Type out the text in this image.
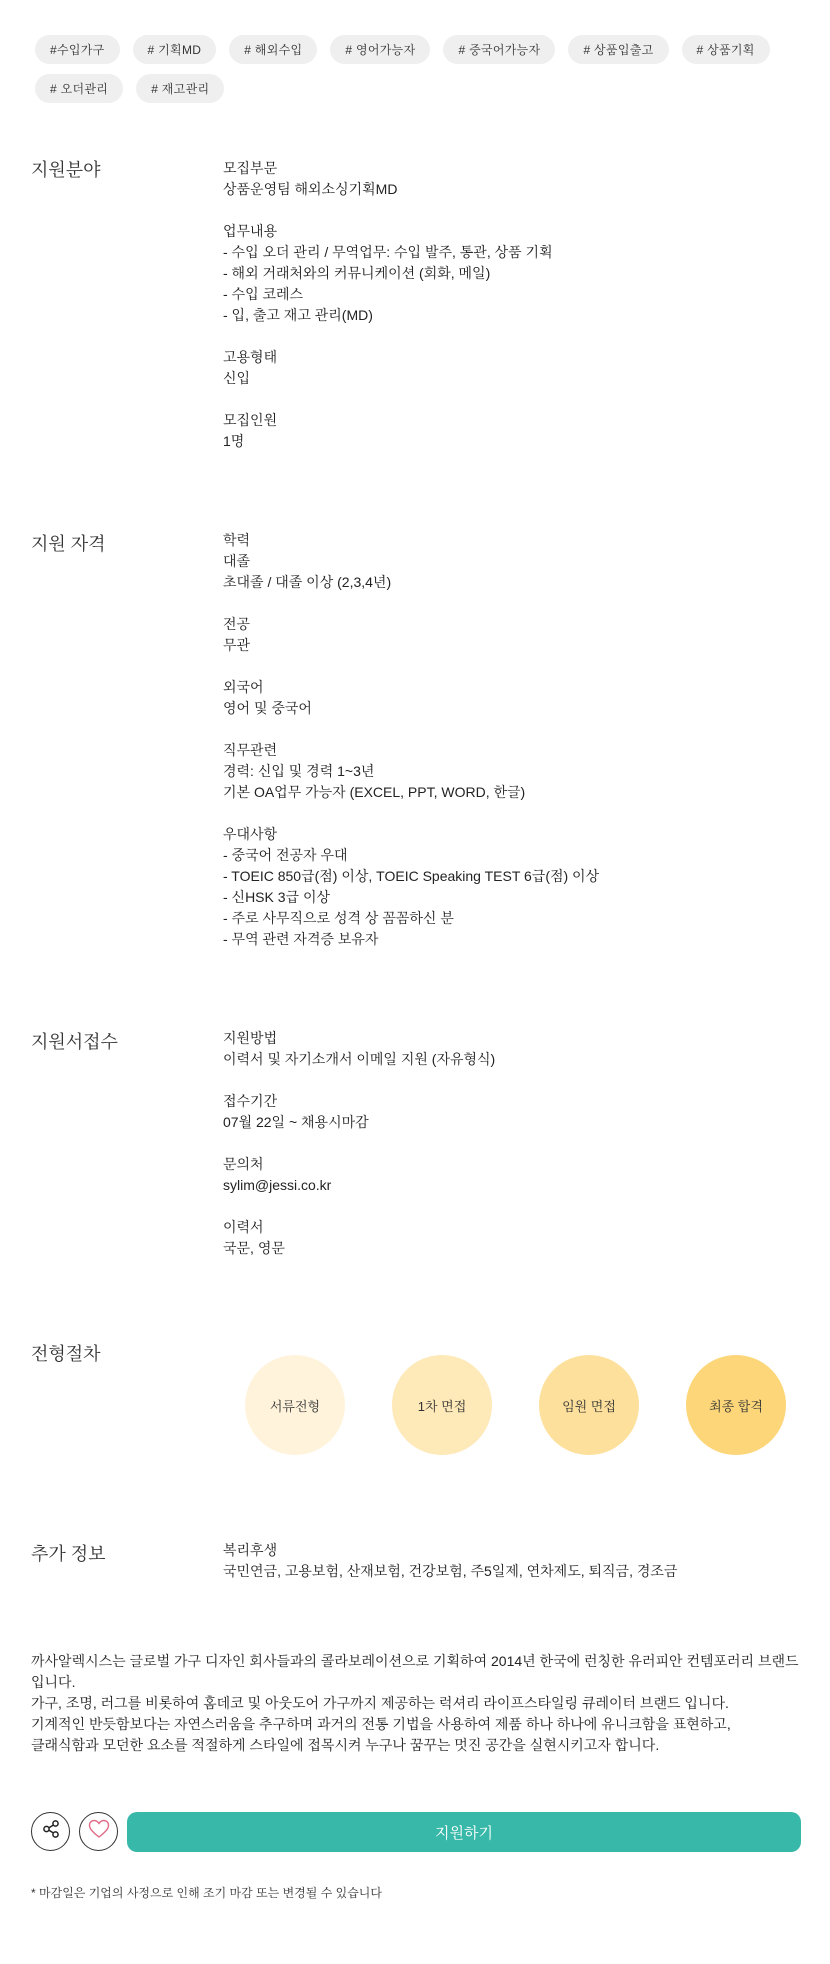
#수입가구	# 기획MD	# 해외수입	# 영어가능자	# 중국어가능자	# 상품입출고	# 상품기획
# 오더관리	# 재고관리
지원분야	모집부문
상품운영팀 해외소싱기획MD
업무내용
- 수입 오더 관리 / 무역업무: 수입 발주, 통관, 상품 기획
- 해외 거래처와의 커뮤니케이션 (회화, 메일)
- 수입 코레스
- 입, 출고 재고 관리(MD)
고용형태
신입
모집인원
1명
지원 자격	학력
대졸
초대졸 / 대졸 이상 (2,3,4년)
전공
무관
외국어
영어 및 중국어
직무관련
경력: 신입 및 경력 1~3년
기본 OA업무 가능자 (EXCEL, PPT, WORD, 한글)
우대사항
- 중국어 전공자 우대
- TOEIC 850급(점) 이상, TOEIC Speaking TEST 6급(점) 이상
- 신HSK 3급 이상
- 주로 사무직으로 성격 상 꼼꼼하신 분
- 무역 관련 자격증 보유자
지원서접수	지원방법
이력서 및 자기소개서 이메일 지원 (자유형식)
접수기간
07월 22일 ~ 채용시마감
문의처
sylim@jessi.co.kr
이력서
국문, 영문
전형절차
서류전형	1차 면접	임원 면접	최종 합격
추가 정보	복리후생
국민연금, 고용보험, 산재보험, 건강보험, 주5일제, 연차제도, 퇴직금, 경조금
까사알렉시스는 글로벌 가구 디자인 회사들과의 콜라보레이션으로 기획하여 2014년 한국에 런칭한 유러피안 컨템포러리 브랜드 입니다.
가구, 조명, 러그를 비롯하여 홈데코 및 아웃도어 가구까지 제공하는 럭셔리 라이프스타일링 큐레이터 브랜드 입니다.
기계적인 반듯함보다는 자연스러움을 추구하며 과거의 전통 기법을 사용하여 제품 하나 하나에 유니크함을 표현하고,
클래식함과 모던한 요소를 적절하게 스타일에 접목시켜 누구나 꿈꾸는 멋진 공간을 실현시키고자 합니다.
지원하기
* 마감일은 기업의 사정으로 인해 조기 마감 또는 변경될 수 있습니다
